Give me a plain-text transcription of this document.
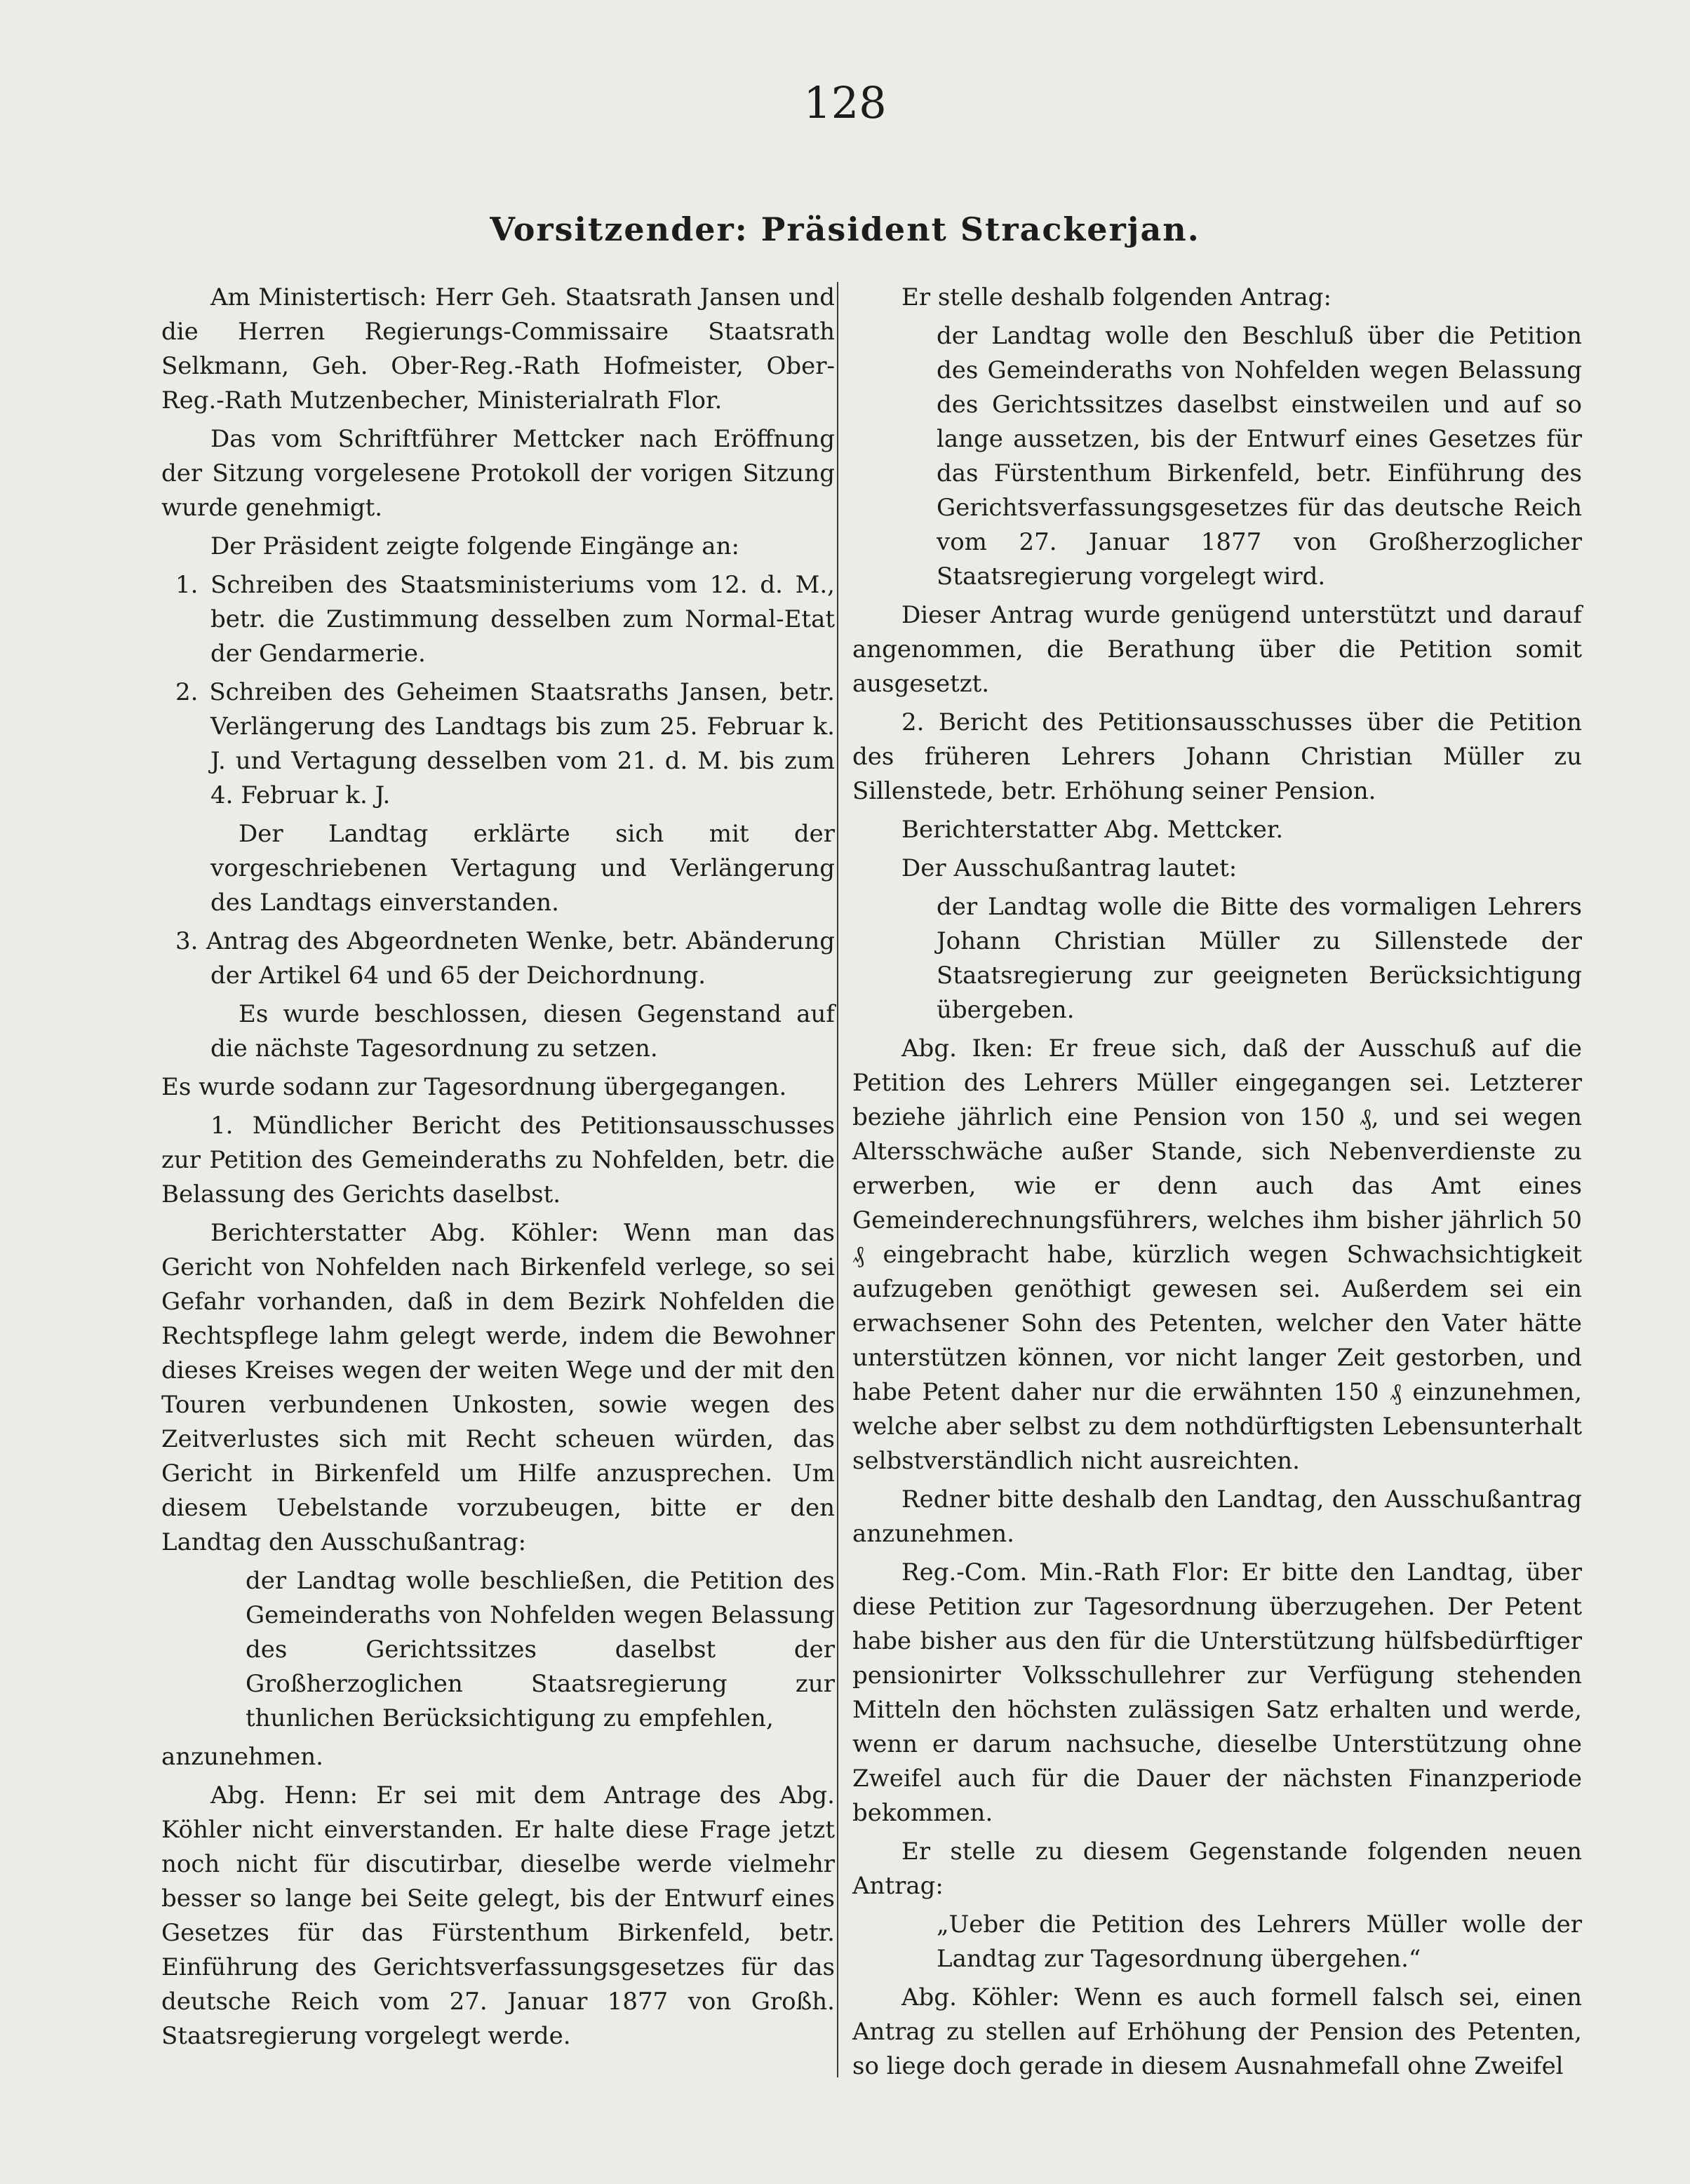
128
Vorsitzender: Präsident Strackerjan.

Am Ministertisch: Herr Geh. Staatsrath Jansen und die Herren Regierungs-Commissaire Staatsrath Selkmann, Geh. Ober-Reg.-Rath Hofmeister, Ober-Reg.-Rath Mutzenbecher, Ministerialrath Flor.

Das vom Schriftführer Mettcker nach Eröffnung der Sitzung vorgelesene Protokoll der vorigen Sitzung wurde genehmigt.

Der Präsident zeigte folgende Eingänge an:

1. Schreiben des Staatsministeriums vom 12. d. M., betr. die Zustimmung desselben zum Normal-Etat der Gendarmerie.

2. Schreiben des Geheimen Staatsraths Jansen, betr. Verlängerung des Landtags bis zum 25. Februar k. J. und Vertagung desselben vom 21. d. M. bis zum 4. Februar k. J.

Der Landtag erklärte sich mit der vorgeschriebenen Vertagung und Verlängerung des Landtags einverstanden.

3. Antrag des Abgeordneten Wenke, betr. Abänderung der Artikel 64 und 65 der Deichordnung.

Es wurde beschlossen, diesen Gegenstand auf die nächste Tagesordnung zu setzen.

Es wurde sodann zur Tagesordnung übergegangen.

1. Mündlicher Bericht des Petitionsausschusses zur Petition des Gemeinderaths zu Nohfelden, betr. die Belassung des Gerichts daselbst.

Berichterstatter Abg. Köhler: Wenn man das Gericht von Nohfelden nach Birkenfeld verlege, so sei Gefahr vorhanden, daß in dem Bezirk Nohfelden die Rechtspflege lahm gelegt werde, indem die Bewohner dieses Kreises wegen der weiten Wege und der mit den Touren verbundenen Unkosten, sowie wegen des Zeitverlustes sich mit Recht scheuen würden, das Gericht in Birkenfeld um Hilfe anzusprechen. Um diesem Uebelstande vorzubeugen, bitte er den Landtag den Ausschußantrag:

der Landtag wolle beschließen, die Petition des Gemeinderaths von Nohfelden wegen Belassung des Gerichtssitzes daselbst der Großherzoglichen Staatsregierung zur thunlichen Berücksichtigung zu empfehlen,

anzunehmen.

Abg. Henn: Er sei mit dem Antrage des Abg. Köhler nicht einverstanden. Er halte diese Frage jetzt noch nicht für discutirbar, dieselbe werde vielmehr besser so lange bei Seite gelegt, bis der Entwurf eines Gesetzes für das Fürstenthum Birkenfeld, betr. Einführung des Gerichtsverfassungsgesetzes für das deutsche Reich vom 27. Januar 1877 von Großh. Staatsregierung vorgelegt werde.

Er stelle deshalb folgenden Antrag:

der Landtag wolle den Beschluß über die Petition des Gemeinderaths von Nohfelden wegen Belassung des Gerichtssitzes daselbst einstweilen und auf so lange aussetzen, bis der Entwurf eines Gesetzes für das Fürstenthum Birkenfeld, betr. Einführung des Gerichtsverfassungsgesetzes für das deutsche Reich vom 27. Januar 1877 von Großherzoglicher Staatsregierung vorgelegt wird.

Dieser Antrag wurde genügend unterstützt und darauf angenommen, die Berathung über die Petition somit ausgesetzt.

2. Bericht des Petitionsausschusses über die Petition des früheren Lehrers Johann Christian Müller zu Sillenstede, betr. Erhöhung seiner Pension.

Berichterstatter Abg. Mettcker.

Der Ausschußantrag lautet:

der Landtag wolle die Bitte des vormaligen Lehrers Johann Christian Müller zu Sillenstede der Staatsregierung zur geeigneten Berücksichtigung übergeben.

Abg. Iken: Er freue sich, daß der Ausschuß auf die Petition des Lehrers Müller eingegangen sei. Letzterer beziehe jährlich eine Pension von 150 ₰, und sei wegen Altersschwäche außer Stande, sich Nebenverdienste zu erwerben, wie er denn auch das Amt eines Gemeinderechnungsführers, welches ihm bisher jährlich 50 ₰ eingebracht habe, kürzlich wegen Schwachsichtigkeit aufzugeben genöthigt gewesen sei. Außerdem sei ein erwachsener Sohn des Petenten, welcher den Vater hätte unterstützen können, vor nicht langer Zeit gestorben, und habe Petent daher nur die erwähnten 150 ₰ einzunehmen, welche aber selbst zu dem nothdürftigsten Lebensunterhalt selbstverständlich nicht ausreichten.

Redner bitte deshalb den Landtag, den Ausschußantrag anzunehmen.

Reg.-Com. Min.-Rath Flor: Er bitte den Landtag, über diese Petition zur Tagesordnung überzugehen. Der Petent habe bisher aus den für die Unterstützung hülfsbedürftiger pensionirter Volksschullehrer zur Verfügung stehenden Mitteln den höchsten zulässigen Satz erhalten und werde, wenn er darum nachsuche, dieselbe Unterstützung ohne Zweifel auch für die Dauer der nächsten Finanzperiode bekommen.

Er stelle zu diesem Gegenstande folgenden neuen Antrag:

„Ueber die Petition des Lehrers Müller wolle der Landtag zur Tagesordnung übergehen.“

Abg. Köhler: Wenn es auch formell falsch sei, einen Antrag zu stellen auf Erhöhung der Pension des Petenten, so liege doch gerade in diesem Ausnahmefall ohne Zweifel
